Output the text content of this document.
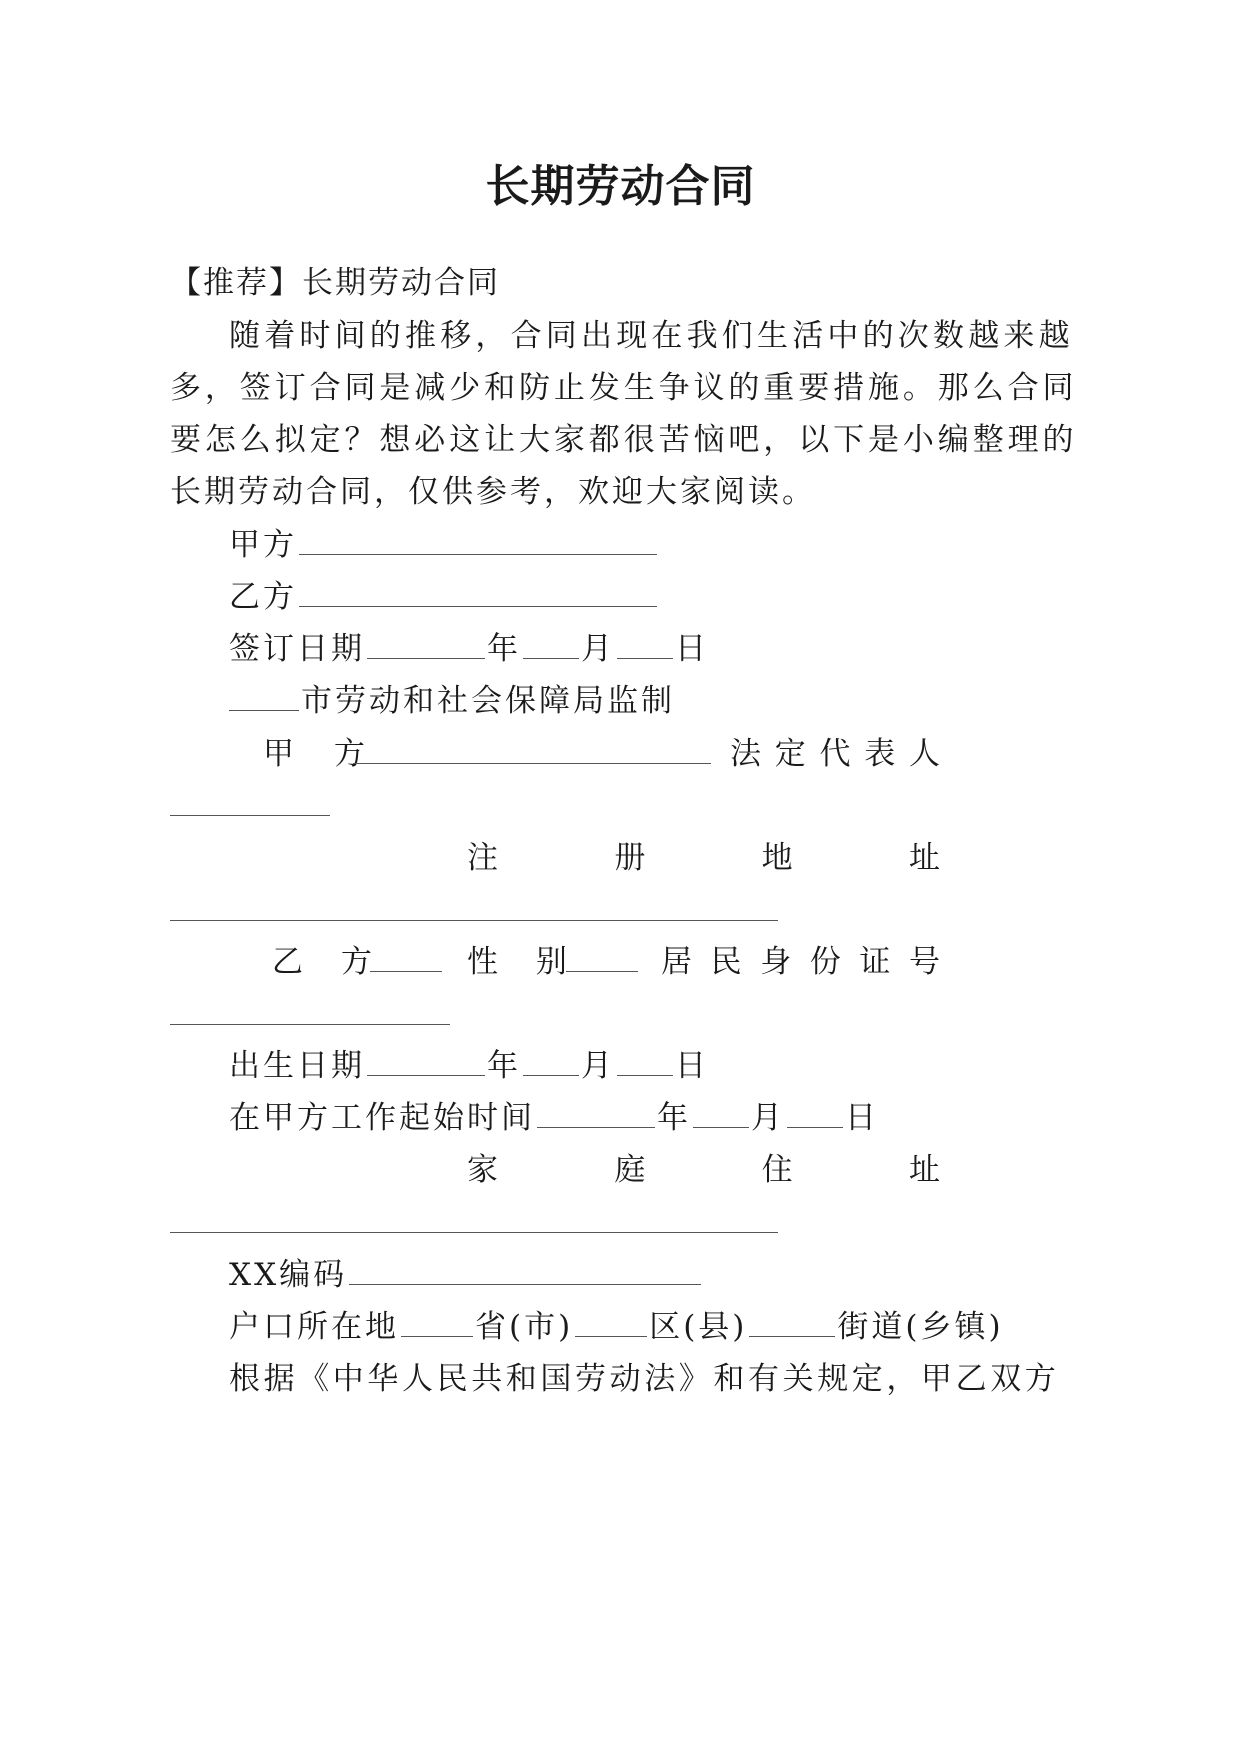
长期劳动合同
【推荐】长期劳动合同
随着时间的推移，合同出现在我们生活中的次数越来越
多，签订合同是减少和防止发生争议的重要措施。那么合同
要怎么拟定？想必这让大家都很苦恼吧，以下是小编整理的
长期劳动合同，仅供参考，欢迎大家阅读。
甲方
乙方
签订日期	年 月 日
市劳动和社会保障局监制
甲 方	法 定 代 表 人
注	册	地	址
乙 方	性 别	居 民 身 份 证 号
出生日期	年 月 日
在甲方工作起始时间	年 月 日
家	庭	住	址
XX编码
户口所在地 省(市) 区(县)	街道(乡镇)
根据《中华人民共和国劳动法》和有关规定，甲乙双方
